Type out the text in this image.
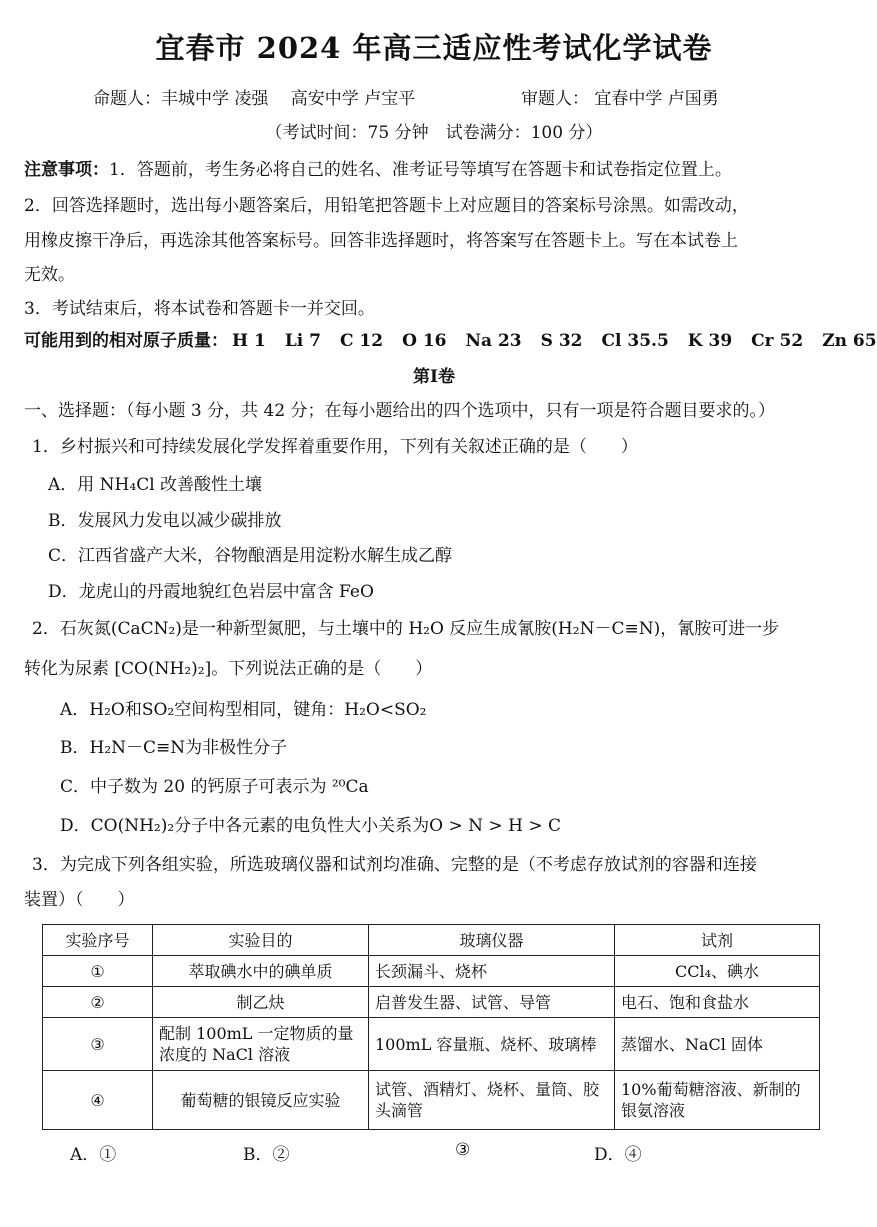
宜春市 2024 年高三适应性考试化学试卷
命题人：丰城中学 凌强　 高安中学 卢宝平	审题人： 宜春中学 卢国勇
（考试时间：75 分钟　试卷满分：100 分）
注意事项：1．答题前，考生务必将自己的姓名、准考证号等填写在答题卡和试卷指定位置上。
2．回答选择题时，选出每小题答案后，用铅笔把答题卡上对应题目的答案标号涂黑。如需改动，
用橡皮擦干净后，再选涂其他答案标号。回答非选择题时，将答案写在答题卡上。写在本试卷上
无效。
3．考试结束后，将本试卷和答题卡一并交回。
可能用到的相对原子质量： H 1 Li 7 C 12 O 16 Na 23 S 32 Cl 35.5 K 39 Cr 52 Zn 65
第Ⅰ卷
一、选择题：（每小题 3 分，共 42 分；在每小题给出的四个选项中，只有一项是符合题目要求的。）
1．乡村振兴和可持续发展化学发挥着重要作用，下列有关叙述正确的是（　　）
A．用 NH₄Cl 改善酸性土壤
B．发展风力发电以减少碳排放
C．江西省盛产大米，谷物酿酒是用淀粉水解生成乙醇
D．龙虎山的丹霞地貌红色岩层中富含 FeO
2．石灰氮(CaCN₂)是一种新型氮肥，与土壤中的 H₂O 反应生成氰胺(H₂N－C≡N)，氰胺可进一步
转化为尿素 [CO(NH₂)₂]。下列说法正确的是（　　）
A．H₂O和SO₂空间构型相同，键角：H₂O<SO₂
B．H₂N－C≡N为非极性分子
C．中子数为 20 的钙原子可表示为 ²⁰Ca
D．CO(NH₂)₂分子中各元素的电负性大小关系为O > N > H > C
3．为完成下列各组实验，所选玻璃仪器和试剂均准确、完整的是（不考虑存放试剂的容器和连接
装置）（　　）
实验序号	实验目的	玻璃仪器	试剂
①	萃取碘水中的碘单质	长颈漏斗、烧杯	CCl₄、碘水
②	制乙炔	启普发生器、试管、导管	电石、饱和食盐水
③	配制 100mL 一定物质的量浓度的 NaCl 溶液	100mL 容量瓶、烧杯、玻璃棒	蒸馏水、NaCl 固体
④	葡萄糖的银镜反应实验	试管、酒精灯、烧杯、量筒、胶头滴管	10%葡萄糖溶液、新制的银氨溶液
A．①	B．②	③	D．④
